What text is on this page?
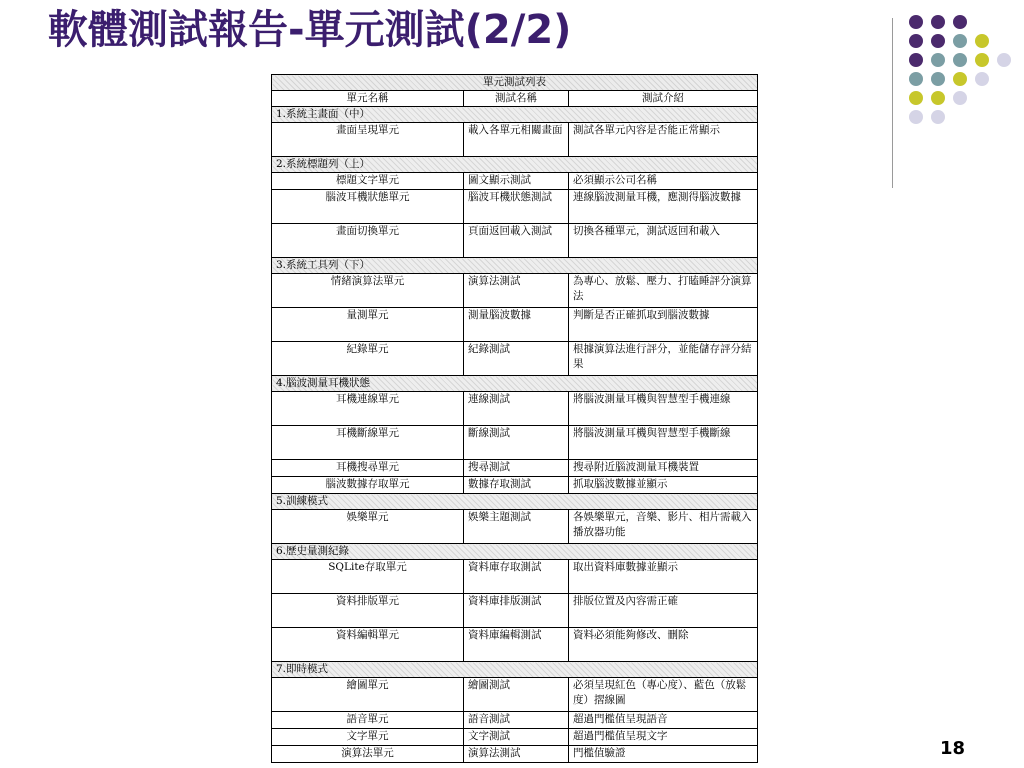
軟體測試報告-單元測試(2/2)
單元測試列表		
單元名稱	測試名稱	測試介紹
1.系統主畫面（中）		
畫面呈現單元	載入各單元相關畫面	測試各單元內容是否能正常顯示
2.系統標題列（上）		
標題文字單元	圖文顯示測試	必須顯示公司名稱
腦波耳機狀態單元	腦波耳機狀態測試	連線腦波測量耳機，應測得腦波數據
畫面切換單元	頁面返回載入測試	切換各種單元，測試返回和載入
3.系統工具列（下）		
情緒演算法單元	演算法測試	為專心、放鬆、壓力、打瞌睡評分演算法
量測單元	測量腦波數據	判斷是否正確抓取到腦波數據
紀錄單元	紀錄測試	根據演算法進行評分，並能儲存評分結果
4.腦波測量耳機狀態		
耳機連線單元	連線測試	將腦波測量耳機與智慧型手機連線
耳機斷線單元	斷線測試	將腦波測量耳機與智慧型手機斷線
耳機搜尋單元	搜尋測試	搜尋附近腦波測量耳機裝置
腦波數據存取單元	數據存取測試	抓取腦波數據並顯示
5.訓練模式		
娛樂單元	娛樂主題測試	各娛樂單元，音樂、影片、相片需載入播放器功能
6.歷史量測紀錄		
SQLite存取單元	資料庫存取測試	取出資料庫數據並顯示
資料排版單元	資料庫排版測試	排版位置及內容需正確
資料編輯單元	資料庫編輯測試	資料必須能夠修改、刪除
7.即時模式		
繪圖單元	繪圖測試	必須呈現紅色（專心度）、藍色（放鬆度）摺線圖
語音單元	語音測試	超過門檻值呈現語音
文字單元	文字測試	超過門檻值呈現文字
演算法單元	演算法測試	門檻值驗證	18
